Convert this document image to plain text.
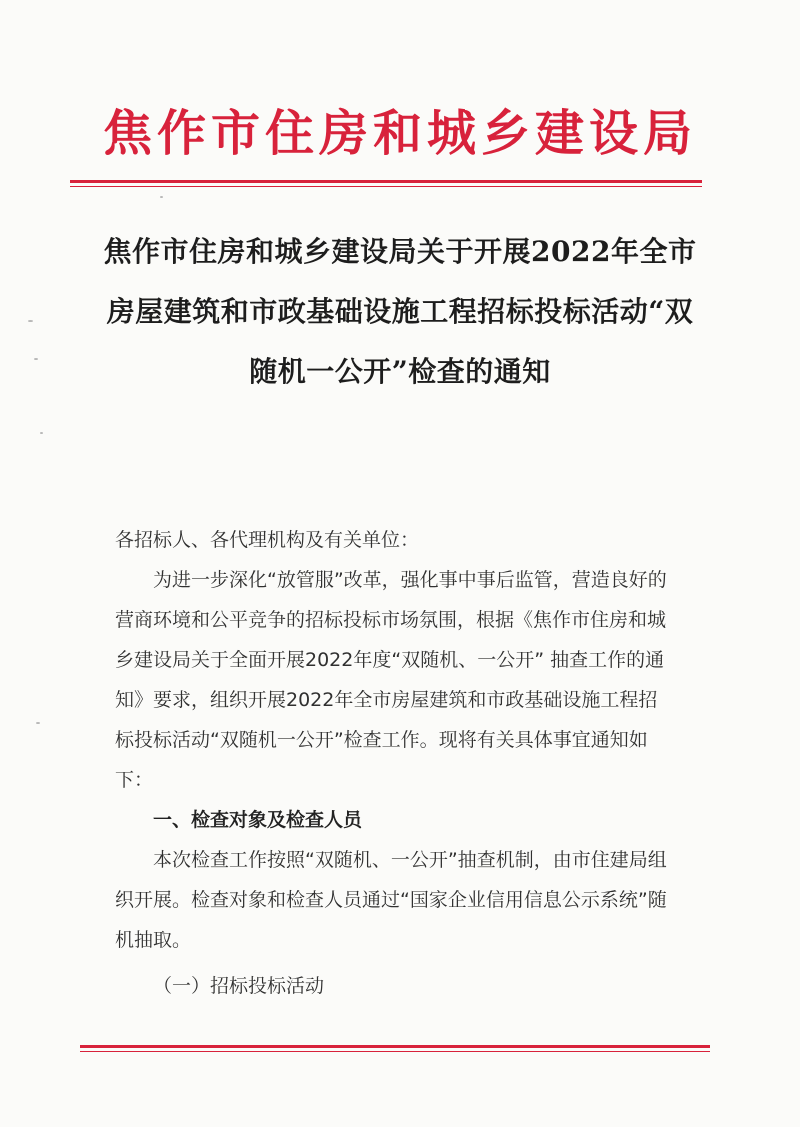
焦作市住房和城乡建设局
焦作市住房和城乡建设局关于开展2022年全市房屋建筑和市政基础设施工程招标投标活动“双随机一公开”检查的通知

各招标人、各代理机构及有关单位：

为进一步深化“放管服”改革，强化事中事后监管，营造良好的营商环境和公平竞争的招标投标市场氛围，根据《焦作市住房和城乡建设局关于全面开展2022年度“双随机、一公开” 抽查工作的通知》要求，组织开展2022年全市房屋建筑和市政基础设施工程招标投标活动“双随机一公开”检查工作。现将有关具体事宜通知如下：

一、检查对象及检查人员

本次检查工作按照“双随机、一公开”抽查机制，由市住建局组织开展。检查对象和检查人员通过“国家企业信用信息公示系统”随机抽取。

（一）招标投标活动
